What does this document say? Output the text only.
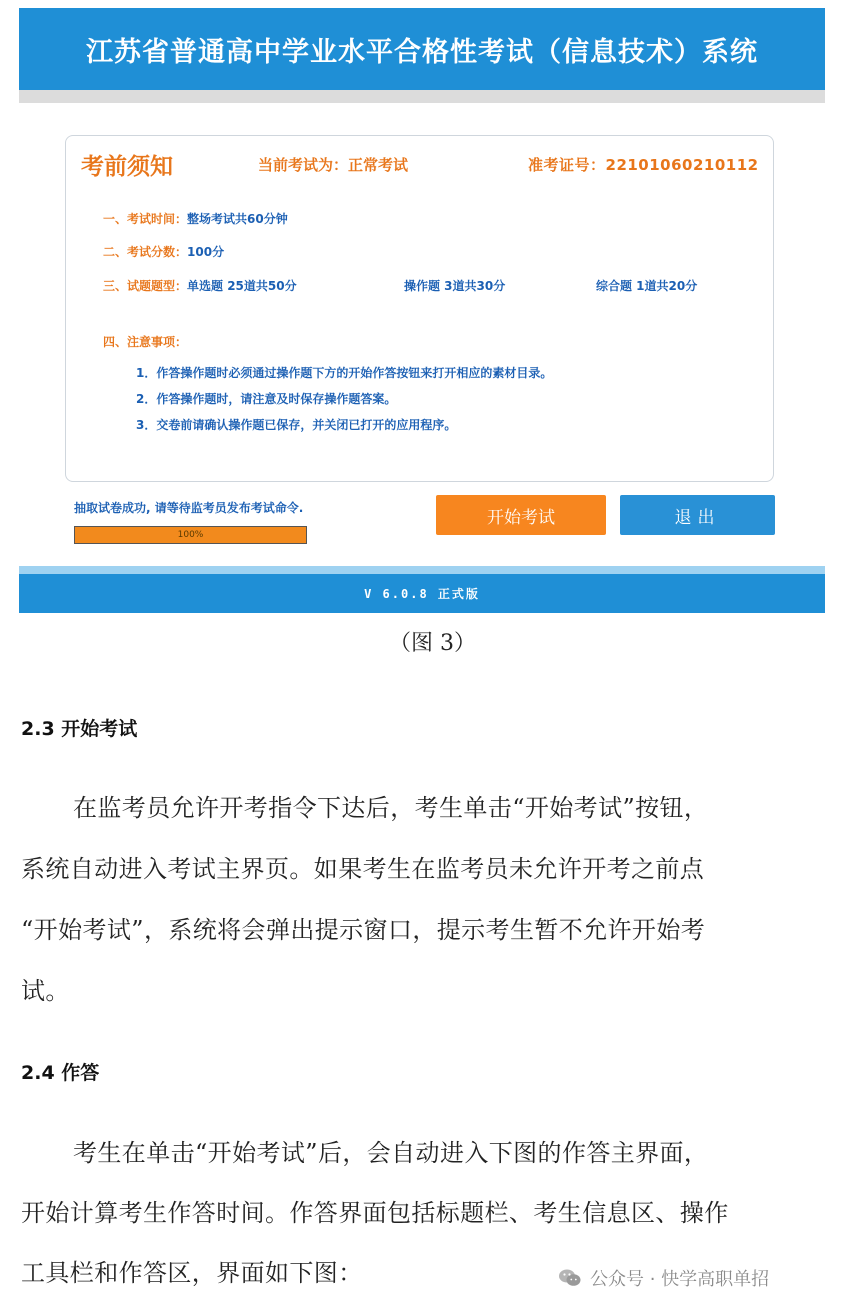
江苏省普通高中学业水平合格性考试（信息技术）系统
考前须知	当前考试为：正常考试	准考证号：22101060210112
一、考试时间：整场考试共60分钟
二、考试分数：100分
三、试题题型：单选题 25道共50分	操作题 3道共30分	综合题 1道共20分
四、注意事项：
1．作答操作题时必须通过操作题下方的开始作答按钮来打开相应的素材目录。
2．作答操作题时，请注意及时保存操作题答案。
3．交卷前请确认操作题已保存，并关闭已打开的应用程序。
抽取试卷成功, 请等待监考员发布考试命令.
100%
开始考试	退出
V 6.0.8 正式版
（图 3）
2.3 开始考试
在监考员允许开考指令下达后，考生单击“开始考试”按钮，
系统自动进入考试主界页。如果考生在监考员未允许开考之前点
“开始考试”，系统将会弹出提示窗口，提示考生暂不允许开始考
试。
2.4 作答
考生在单击“开始考试”后，会自动进入下图的作答主界面，
开始计算考生作答时间。作答界面包括标题栏、考生信息区、操作
工具栏和作答区，界面如下图：	公众号 · 快学高职单招
